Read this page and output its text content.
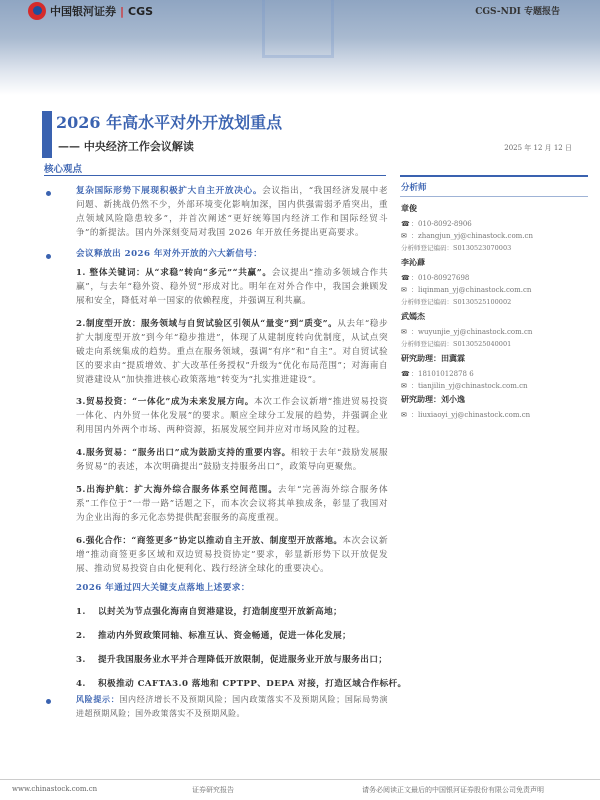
中国银河证券 | CGS	CGS-NDI 专题报告
2026 年高水平对外开放划重点
—— 中央经济工作会议解读	2025 年 12 月 12 日
核心观点
复杂国际形势下展现积极扩大自主开放决心。会议指出，“我国经济发展中老问题、新挑战仍然不少，外部环境变化影响加深，国内供强需弱矛盾突出，重点领域风险隐患较多”，并首次阐述“更好统筹国内经济工作和国际经贸斗争”的新提法。国内外深刻变局对我国 2026 年开放任务提出更高要求。
会议释放出 2026 年对外开放的六大新信号：
1. 整体关键词：从“求稳”转向“多元”“共赢”。会议提出“推动多领域合作共赢”，与去年“稳外资、稳外贸”形成对比。明年在对外合作中，我国会兼顾发展和安全，降低对单一国家的依赖程度，并强调互利共赢。
2.制度型开放：服务领域与自贸试验区引领从“量变”到“质变”。从去年“稳步扩大制度型开放”到今年“稳步推进”，体现了从建制度转向优制度，从试点突破走向系统集成的趋势。重点在服务领域，强调“有序”和“自主”。对自贸试验区的要求由“提质增效、扩大改革任务授权”升级为“优化布局范围”；对海南自贸港建设从“加快推进核心政策落地”转变为“扎实推进建设”。
3.贸易投资：“一体化”成为未来发展方向。本次工作会议新增“推进贸易投资一体化、内外贸一体化发展”的要求。顺应全球分工发展的趋势，并强调企业利用国内外两个市场、两种资源，拓展发展空间并应对市场风险的过程。
4.服务贸易：“服务出口”成为鼓励支持的重要内容。相较于去年“鼓励发展服务贸易”的表述，本次明确提出“鼓励支持服务出口”，政策导向更聚焦。
5.出海护航：扩大海外综合服务体系空间范围。去年“完善海外综合服务体系”工作位于“一带一路”话题之下，而本次会议将其单独成条，彰显了我国对为企业出海的多元化态势提供配套服务的高度重视。
6.强化合作：“商签更多”协定以推动自主开放、制度型开放落地。本次会议新增“推动商签更多区域和双边贸易投资协定”要求，彰显新形势下以开放促发展、推动贸易投资自由化便利化、践行经济全球化的重要决心。
2026 年通过四大关键支点落地上述要求：
1. 以封关为节点强化海南自贸港建设，打造制度型开放新高地；
2. 推动内外贸政策同轴、标准互认、资金畅通，促进一体化发展；
3. 提升我国服务业水平并合理降低开放限制，促进服务业开放与服务出口；
4. 积极推动 CAFTA3.0 落地和 CPTPP、DEPA 对接，打造区域合作标杆。
风险提示：国内经济增长不及预期风险；国内政策落实不及预期风险；国际局势演进超预期风险；国外政策落实不及预期风险。
分析师
章俊
☎：010-8092-8906
✉ ：zhangjun_yj@chinastock.com.cn
分析师登记编码：S0130523070003
李沁蕼
☎：010-80927698
✉ ：liqinman_yj@chinastock.com.cn
分析师登记编码：S0130525100002
武嫣杰
✉ ：wuyunjie_yj@chinastock.com.cn
分析师登记编码：S0130525040001
研究助理：田冀霖
☎：18101012878 6
✉ ：tianjilin_yj@chinastock.com.cn
研究助理：刘小逸
✉ ：liuxiaoyi_yj@chinastock.com.cn
www.chinastock.com.cn	证券研究报告	请务必阅读正文最后的中国银河证券股份有限公司免责声明
